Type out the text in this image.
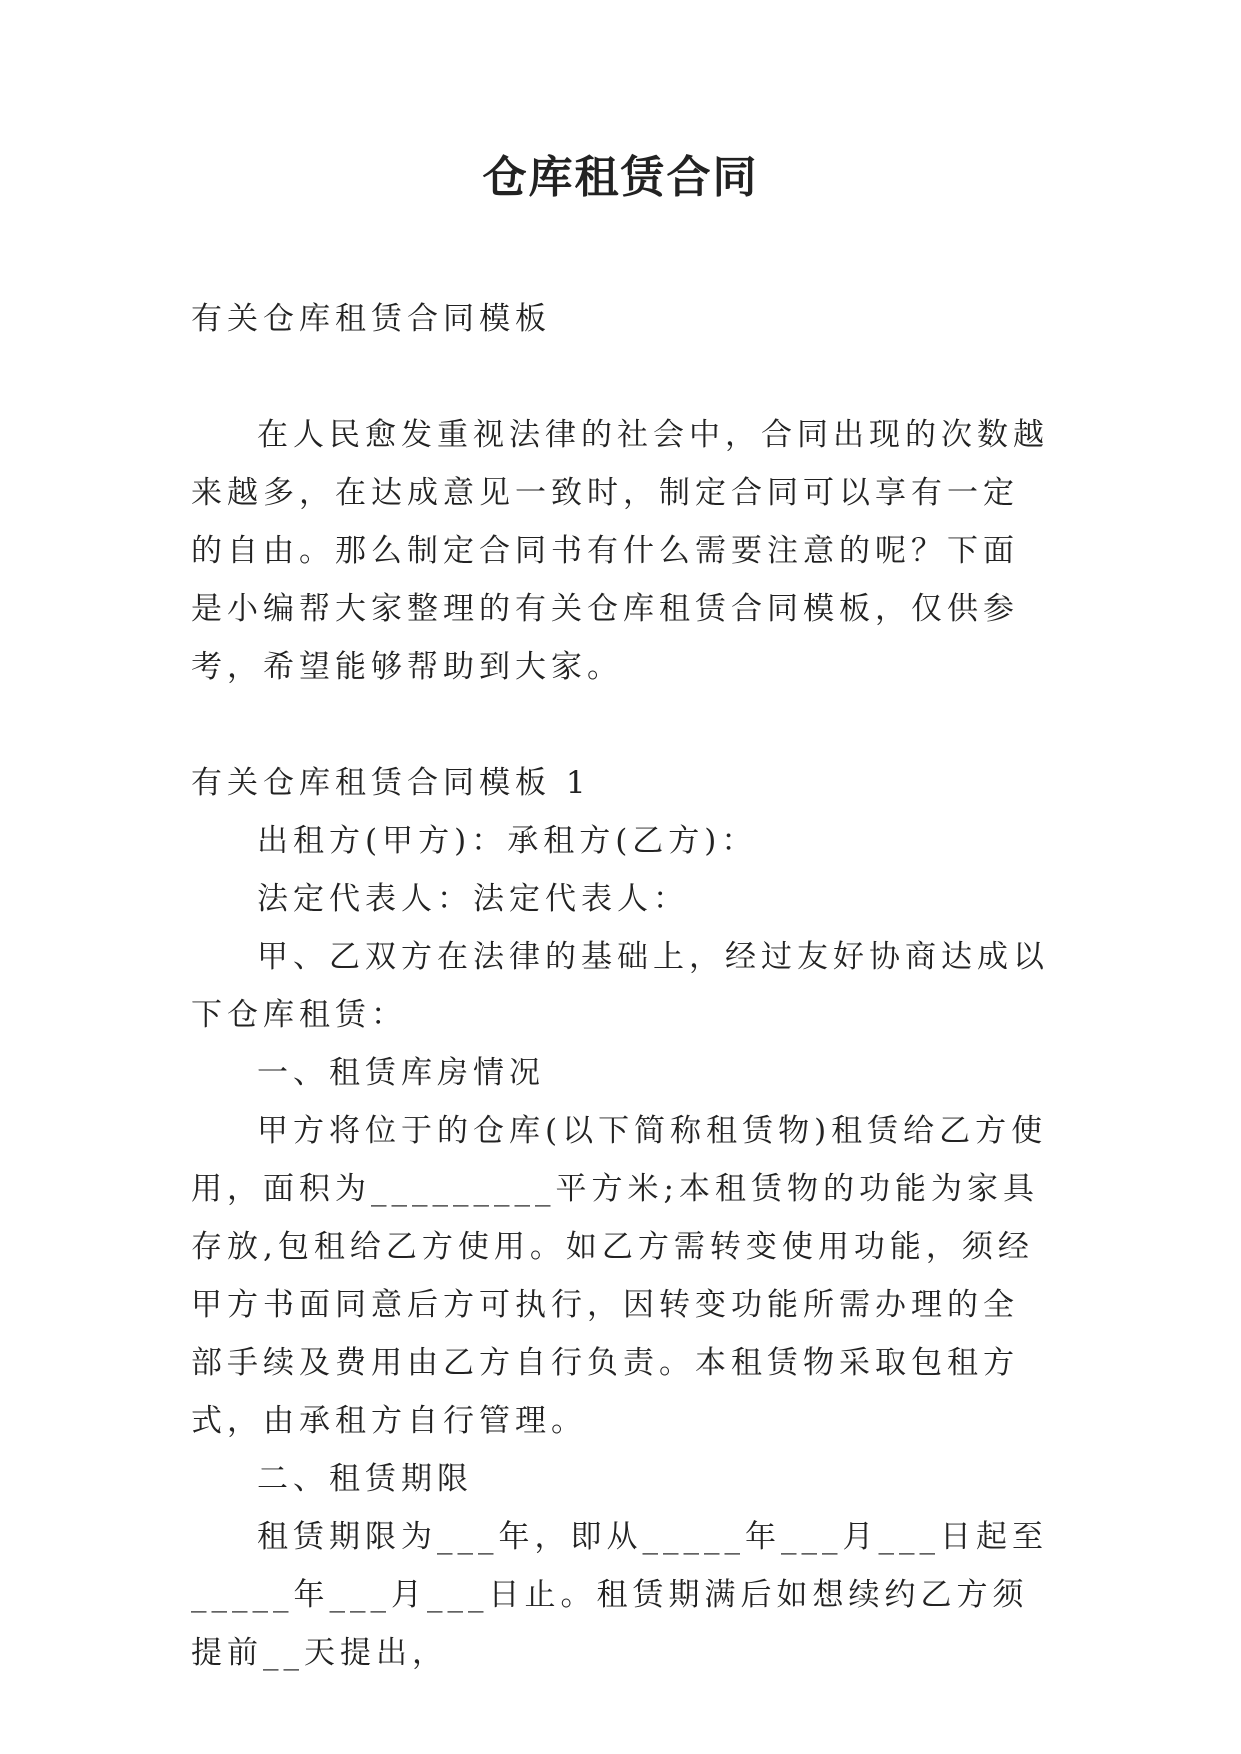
仓库租赁合同

有关仓库租赁合同模板

在人民愈发重视法律的社会中，合同出现的次数越来越多，在达成意见一致时，制定合同可以享有一定的自由。那么制定合同书有什么需要注意的呢？下面是小编帮大家整理的有关仓库租赁合同模板，仅供参考，希望能够帮助到大家。

有关仓库租赁合同模板 1

出租方(甲方)：承租方(乙方)：

法定代表人：法定代表人：

甲、乙双方在法律的基础上，经过友好协商达成以下仓库租赁：

一、租赁库房情况

甲方将位于的仓库(以下简称租赁物)租赁给乙方使用，面积为_________平方米;本租赁物的功能为家具存放,包租给乙方使用。如乙方需转变使用功能，须经甲方书面同意后方可执行，因转变功能所需办理的全部手续及费用由乙方自行负责。本租赁物采取包租方式，由承租方自行管理。

二、租赁期限

租赁期限为___年，即从_____年___月___日起至_____年___月___日止。租赁期满后如想续约乙方须提前__天提出，
